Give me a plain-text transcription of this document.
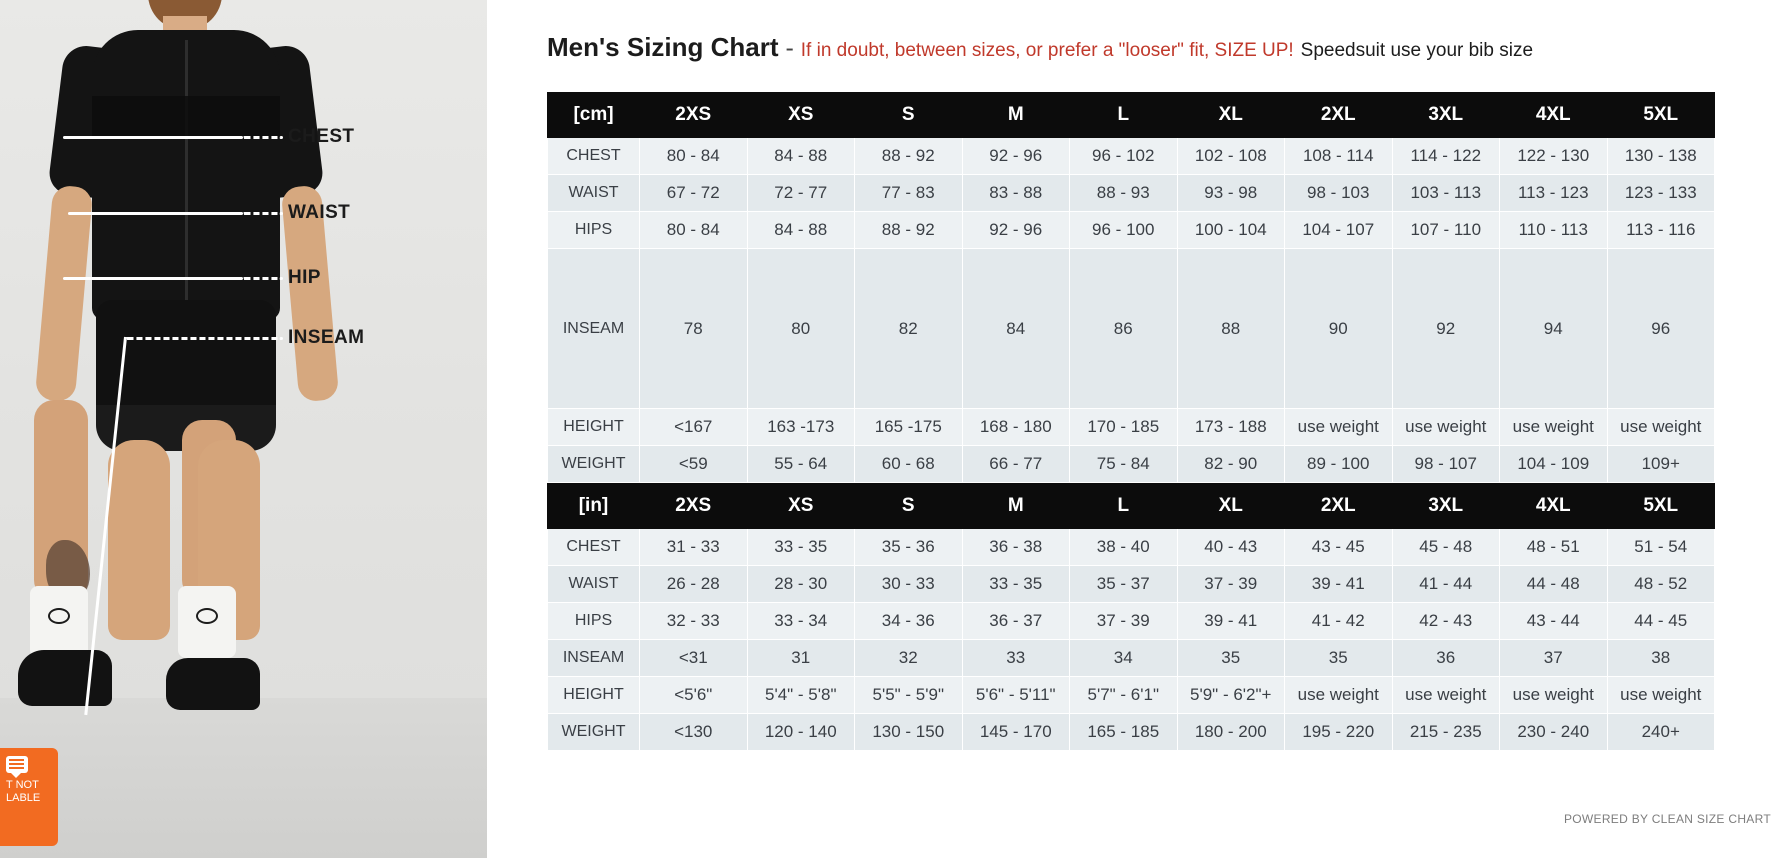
CHEST
WAIST
HIP
INSEAM
T NOT
LABLE
Men's Sizing Chart - If in doubt, between sizes, or prefer a "looser" fit, SIZE UP! Speedsuit use your bib size
[cm]	2XS	XS	S	M	L	XL	2XL	3XL	4XL	5XL
CHEST	80 - 84	84 - 88	88 - 92	92 - 96	96 - 102	102 - 108	108 - 114	114 - 122	122 - 130	130 - 138
WAIST	67 - 72	72 - 77	77 - 83	83 - 88	88 - 93	93 - 98	98 - 103	103 - 113	113 - 123	123 - 133
HIPS	80 - 84	84 - 88	88 - 92	92 - 96	96 - 100	100 - 104	104 - 107	107 - 110	110 - 113	113 - 116
INSEAM	78	80	82	84	86	88	90	92	94	96
HEIGHT	<167	163 -173	165 -175	168 - 180	170 - 185	173 - 188	use weight	use weight	use weight	use weight
WEIGHT	<59	55 - 64	60 - 68	66 - 77	75 - 84	82 - 90	89 - 100	98 - 107	104 - 109	109+
[in]	2XS	XS	S	M	L	XL	2XL	3XL	4XL	5XL
CHEST	31 - 33	33 - 35	35 - 36	36 - 38	38 - 40	40 - 43	43 - 45	45 - 48	48 - 51	51 - 54
WAIST	26 - 28	28 - 30	30 - 33	33 - 35	35 - 37	37 - 39	39 - 41	41 - 44	44 - 48	48 - 52
HIPS	32 - 33	33 - 34	34 - 36	36 - 37	37 - 39	39 - 41	41 - 42	42 - 43	43 - 44	44 - 45
INSEAM	<31	31	32	33	34	35	35	36	37	38
HEIGHT	<5'6"	5'4" - 5'8"	5'5" - 5'9"	5'6" - 5'11"	5'7" - 6'1"	5'9" - 6'2"+	use weight	use weight	use weight	use weight
WEIGHT	<130	120 - 140	130 - 150	145 - 170	165 - 185	180 - 200	195 - 220	215 - 235	230 - 240	240+
POWERED BY CLEAN SIZE CHART
